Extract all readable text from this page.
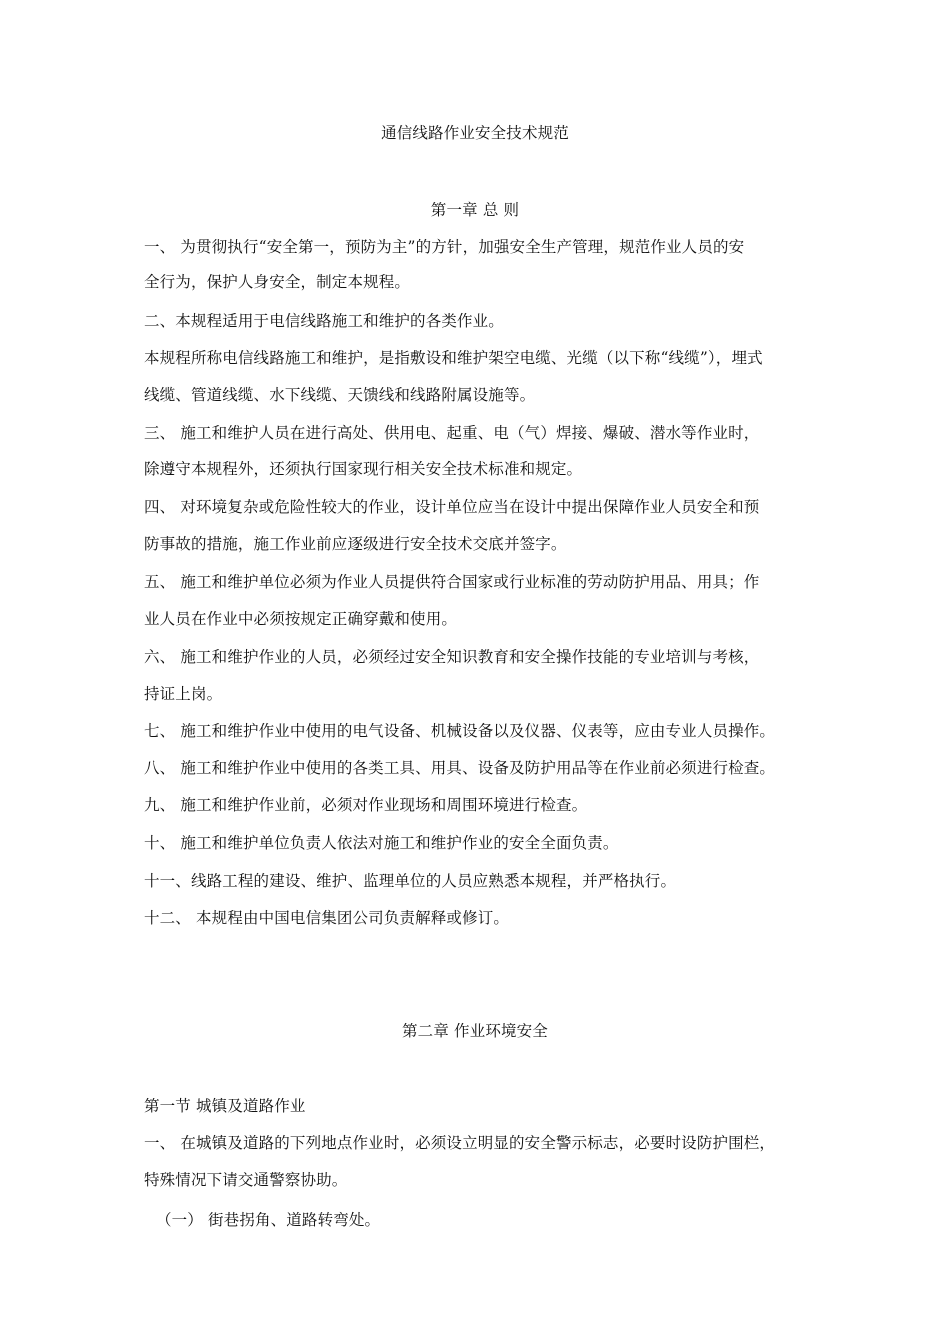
通信线路作业安全技术规范
第一章 总 则
一、 为贯彻执行“安全第一，预防为主”的方针，加强安全生产管理，规范作业人员的安
全行为，保护人身安全，制定本规程。
二、本规程适用于电信线路施工和维护的各类作业。
本规程所称电信线路施工和维护，是指敷设和维护架空电缆、光缆（以下称“线缆”），埋式
线缆、管道线缆、水下线缆、天馈线和线路附属设施等。
三、 施工和维护人员在进行高处、供用电、起重、电（气）焊接、爆破、潜水等作业时，
除遵守本规程外，还须执行国家现行相关安全技术标准和规定。
四、 对环境复杂或危险性较大的作业，设计单位应当在设计中提出保障作业人员安全和预
防事故的措施，施工作业前应逐级进行安全技术交底并签字。
五、 施工和维护单位必须为作业人员提供符合国家或行业标准的劳动防护用品、用具；作
业人员在作业中必须按规定正确穿戴和使用。
六、 施工和维护作业的人员，必须经过安全知识教育和安全操作技能的专业培训与考核，
持证上岗。
七、 施工和维护作业中使用的电气设备、机械设备以及仪器、仪表等，应由专业人员操作。
八、 施工和维护作业中使用的各类工具、用具、设备及防护用品等在作业前必须进行检查。
九、 施工和维护作业前，必须对作业现场和周围环境进行检查。
十、 施工和维护单位负责人依法对施工和维护作业的安全全面负责。
十一、线路工程的建设、维护、监理单位的人员应熟悉本规程，并严格执行。
十二、 本规程由中国电信集团公司负责解释或修订。
第二章 作业环境安全
第一节 城镇及道路作业
一、 在城镇及道路的下列地点作业时，必须设立明显的安全警示标志，必要时设防护围栏，
特殊情况下请交通警察协助。
（一） 街巷拐角、道路转弯处。
